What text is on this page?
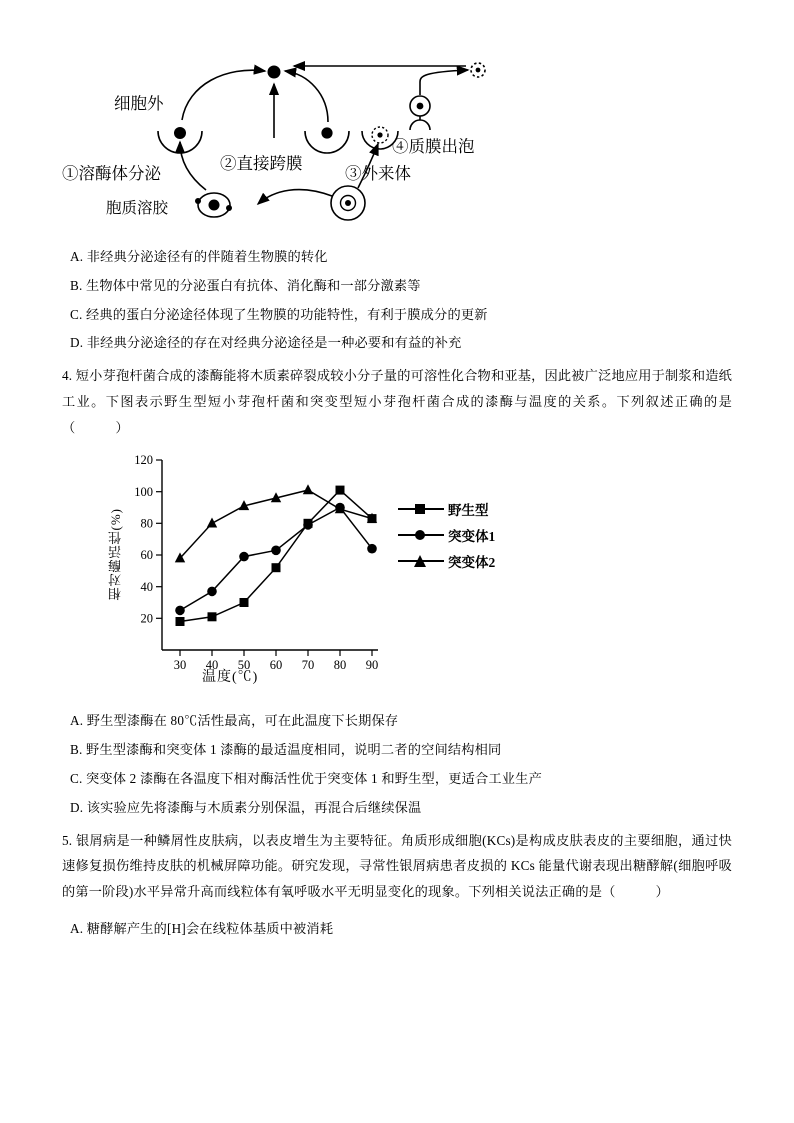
细胞外
①溶酶体分泌
②直接跨膜
③外来体
④质膜出泡
胞质溶胶
A. 非经典分泌途径有的伴随着生物膜的转化
B. 生物体中常见的分泌蛋白有抗体、消化酶和一部分激素等
C. 经典的蛋白分泌途径体现了生物膜的功能特性，有利于膜成分的更新
D. 非经典分泌途径的存在对经典分泌途径是一种必要和有益的补充
4. 短小芽孢杆菌合成的漆酶能将木质素碎裂成较小分子量的可溶性化合物和亚基，因此被广泛地应用于制浆和造纸工业。下图表示野生型短小芽孢杆菌和突变型短小芽孢杆菌合成的漆酶与温度的关系。下列叙述正确的是（　　　）
20
40
60
80
100
120
30 40 50 60 70 80 90
相对酶活性(%)
温度(℃)
野生型
突变体1
突变体2
A. 野生型漆酶在 80℃活性最高，可在此温度下长期保存
B. 野生型漆酶和突变体 1 漆酶的最适温度相同，说明二者的空间结构相同
C. 突变体 2 漆酶在各温度下相对酶活性优于突变体 1 和野生型，更适合工业生产
D. 该实验应先将漆酶与木质素分别保温，再混合后继续保温
5. 银屑病是一种鳞屑性皮肤病，以表皮增生为主要特征。角质形成细胞(KCs)是构成皮肤表皮的主要细胞，通过快速修复损伤维持皮肤的机械屏障功能。研究发现，寻常性银屑病患者皮损的 KCs 能量代谢表现出糖酵解(细胞呼吸的第一阶段)水平异常升高而线粒体有氧呼吸水平无明显变化的现象。下列相关说法正确的是（　　　）
A. 糖酵解产生的[H]会在线粒体基质中被消耗
